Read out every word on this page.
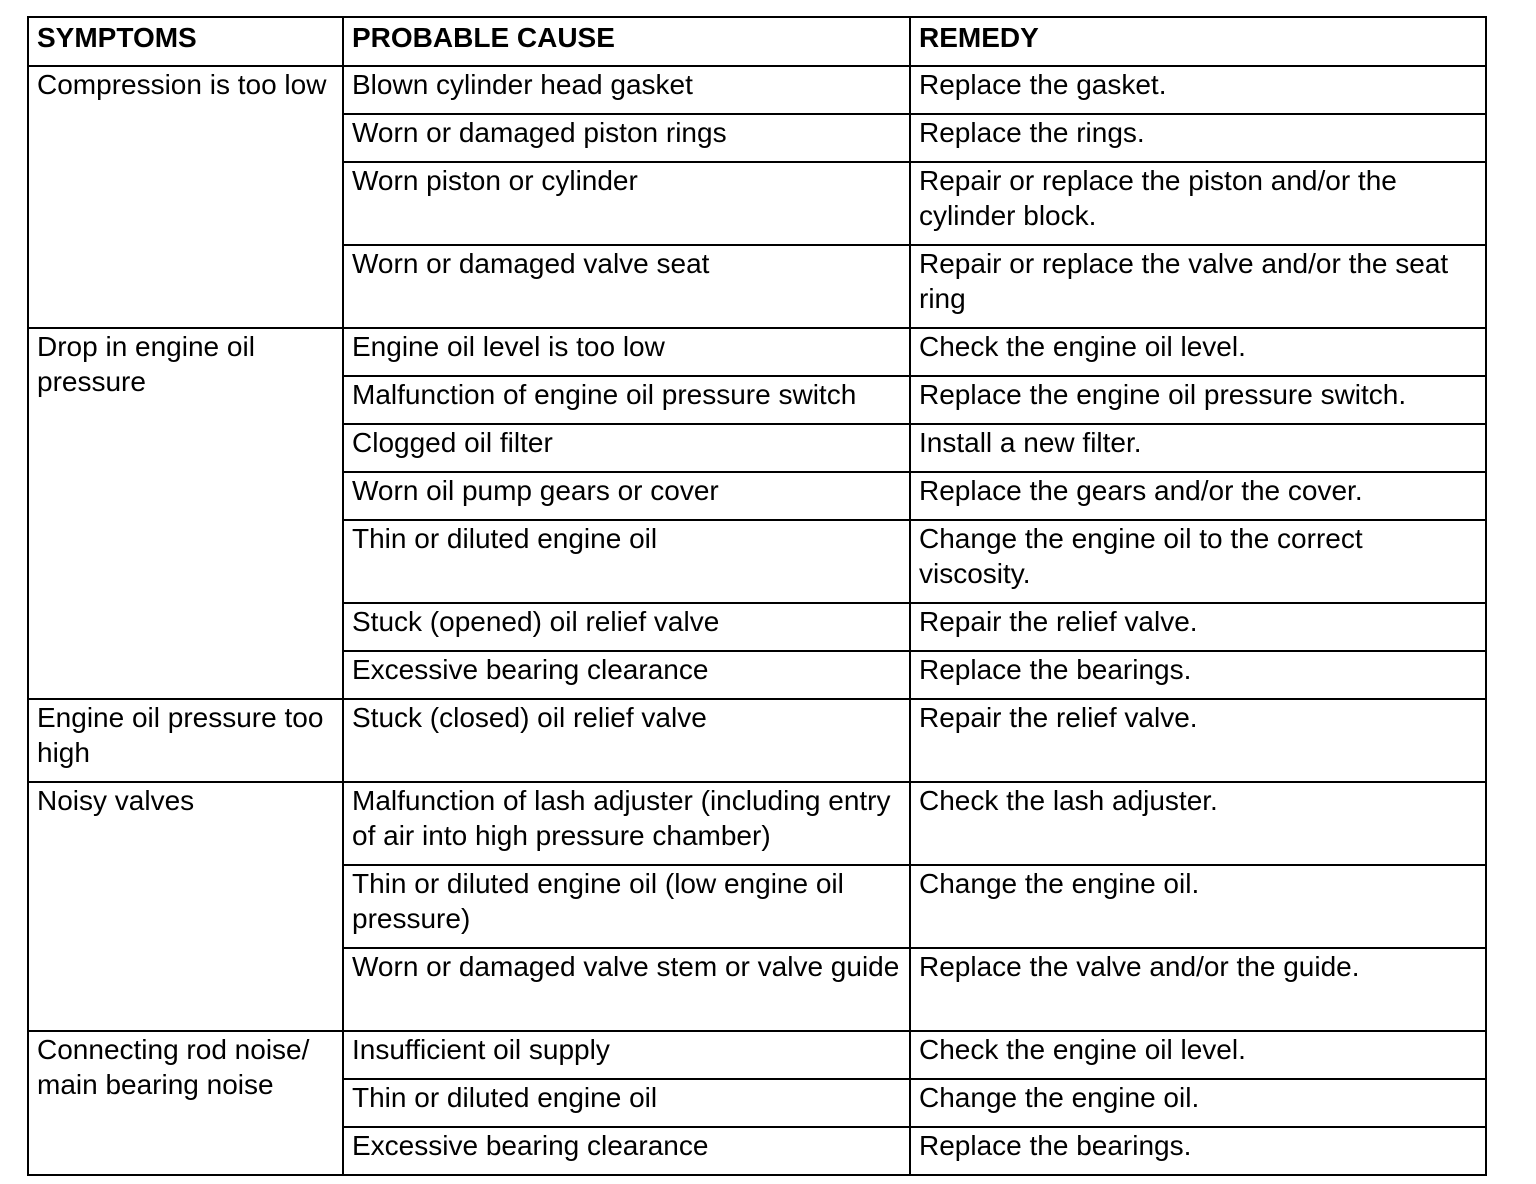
SYMPTOMS	PROBABLE CAUSE	REMEDY
Compression is too low	Blown cylinder head gasket	Replace the gasket.
	Worn or damaged piston rings	Replace the rings.
	Worn piston or cylinder	Repair or replace the piston and/or the cylinder block.
	Worn or damaged valve seat	Repair or replace the valve and/or the seat ring
Drop in engine oil pressure	Engine oil level is too low	Check the engine oil level.
	Malfunction of engine oil pressure switch	Replace the engine oil pressure switch.
	Clogged oil filter	Install a new filter.
	Worn oil pump gears or cover	Replace the gears and/or the cover.
	Thin or diluted engine oil	Change the engine oil to the correct viscosity.
	Stuck (opened) oil relief valve	Repair the relief valve.
	Excessive bearing clearance	Replace the bearings.
Engine oil pressure too high	Stuck (closed) oil relief valve	Repair the relief valve.
Noisy valves	Malfunction of lash adjuster (including entry of air into high pressure chamber)	Check the lash adjuster.
	Thin or diluted engine oil (low engine oil pressure)	Change the engine oil.
	Worn or damaged valve stem or valve guide	Replace the valve and/or the guide.
Connecting rod noise/ main bearing noise	Insufficient oil supply	Check the engine oil level.
	Thin or diluted engine oil	Change the engine oil.
	Excessive bearing clearance	Replace the bearings.
